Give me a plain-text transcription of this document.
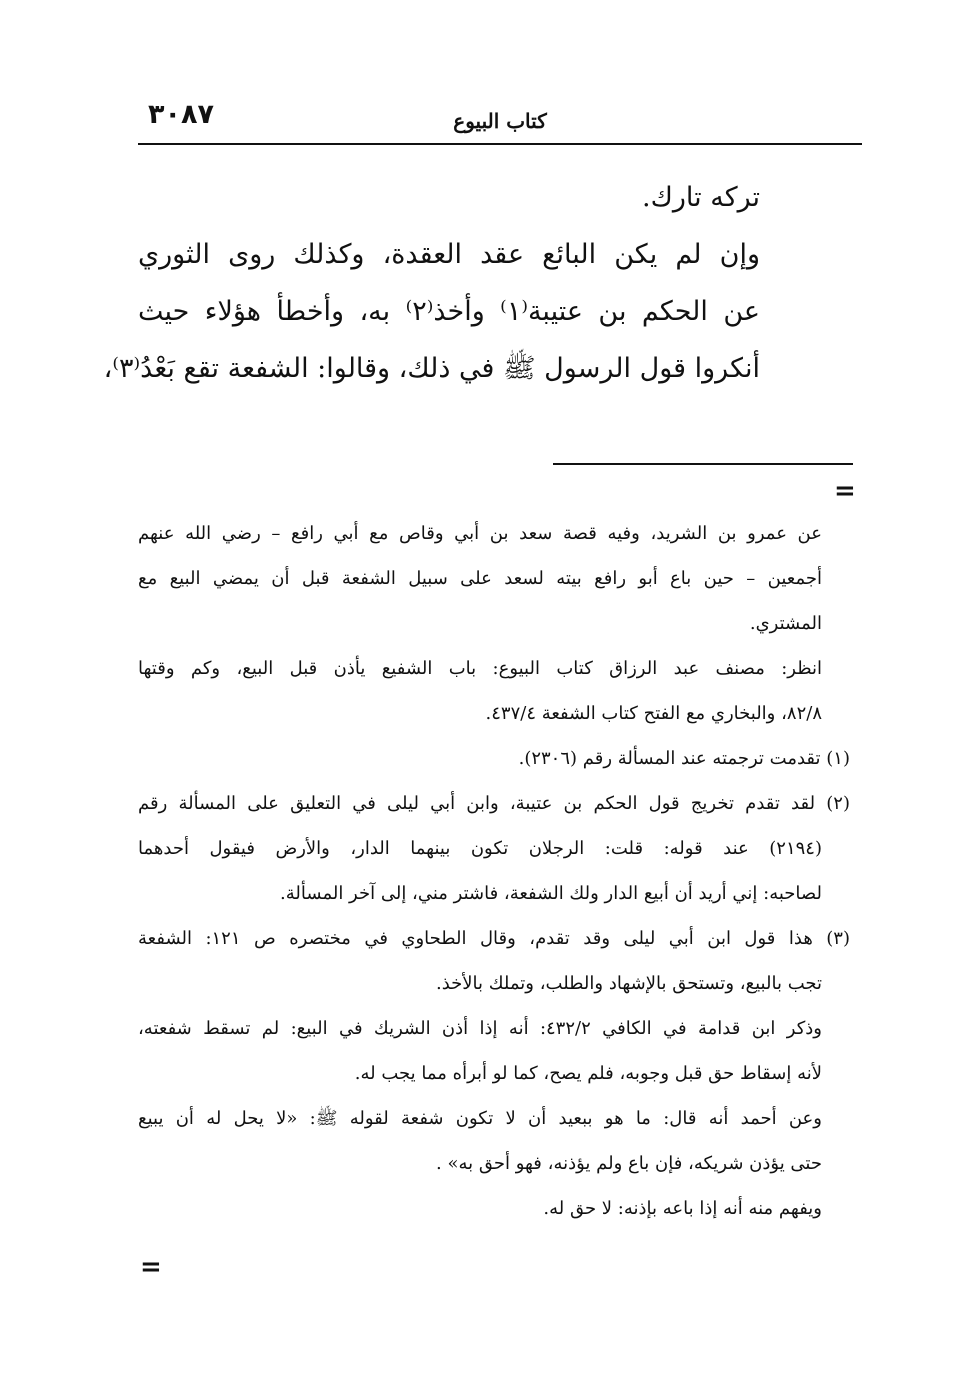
٣٠٨٧	كتاب البيوع
تركه تارك.
وإن لم يكن البائع عقد العقدة، وكذلك روى الثوري
عن الحكم بن عتيبة⁽١⁾ وأخذ⁽٢⁾ به، وأخطأ هؤلاء حيث
أنكروا قول الرسول ﷺ في ذلك، وقالوا: الشفعة تقع بَعْدُ⁽٣⁾،
=
عن عمرو بن الشريد، وفيه قصة سعد بن أبي وقاص مع أبي رافع – رضي الله عنهم
أجمعين – حين باع أبو رافع بيته لسعد على سبيل الشفعة قبل أن يمضي البيع مع
المشتري.
انظر: مصنف عبد الرزاق كتاب البيوع: باب الشفيع يأذن قبل البيع، وكم وقتها
٨٢/٨، والبخاري مع الفتح كتاب الشفعة ٤٣٧/٤.
(١) تقدمت ترجمته عند المسألة رقم (٢٣٠٦).
(٢) لقد تقدم تخريج قول الحكم بن عتيبة، وابن أبي ليلى في التعليق على المسألة رقم
(٢١٩٤) عند قوله: قلت: الرجلان تكون بينهما الدار، والأرض فيقول أحدهما
لصاحبه: إني أريد أن أبيع الدار ولك الشفعة، فاشتر مني، إلى آخر المسألة.
(٣) هذا قول ابن أبي ليلى وقد تقدم، وقال الطحاوي في مختصره ص ١٢١: الشفعة
تجب بالبيع، وتستحق بالإشهاد والطلب، وتملك بالأخذ.
وذكر ابن قدامة في الكافي ٤٣٢/٢: أنه إذا أذن الشريك في البيع: لم تسقط شفعته،
لأنه إسقاط حق قبل وجوبه، فلم يصح، كما لو أبرأه مما يجب له.
وعن أحمد أنه قال: ما هو ببعيد أن لا تكون شفعة لقوله ﷺ: «لا يحل له أن يبيع
حتى يؤذن شريكه، فإن باع ولم يؤذنه، فهو أحق به» .
ويفهم منه أنه إذا باعه بإذنه: لا حق له.
=
